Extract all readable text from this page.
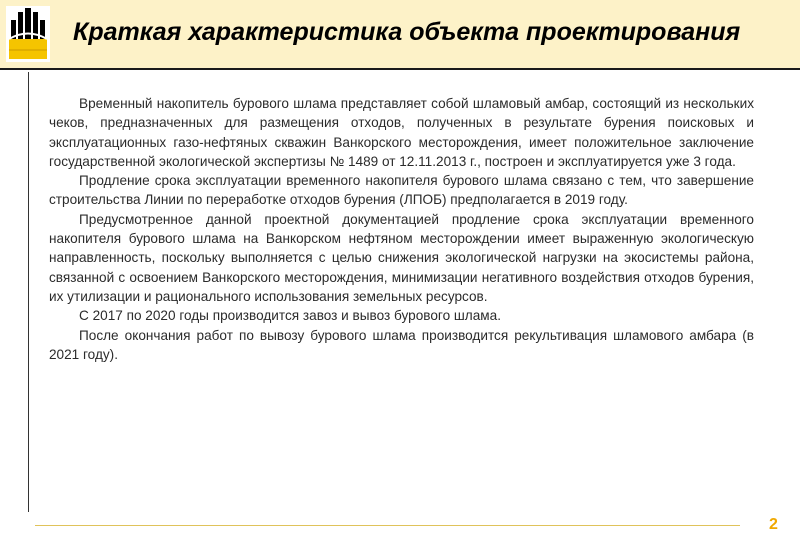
Краткая характеристика объекта проектирования

Временный накопитель бурового шлама представляет собой шламовый амбар, состоящий из нескольких чеков, предназначенных для размещения отходов, полученных в результате бурения поисковых и эксплуатационных газо-нефтяных скважин Ванкорского месторождения, имеет положительное заключение государственной экологической экспертизы № 1489 от 12.11.2013 г., построен и эксплуатируется уже 3 года.

Продление срока эксплуатации временного накопителя бурового шлама связано с тем, что завершение строительства Линии по переработке отходов бурения (ЛПОБ) предполагается в 2019 году.

Предусмотренное данной проектной документацией продление срока эксплуатации временного накопителя бурового шлама на Ванкорском нефтяном месторождении имеет выраженную экологическую направленность, поскольку выполняется с целью снижения экологической нагрузки на экосистемы района, связанной с освоением Ванкорского месторождения, минимизации негативного воздействия отходов бурения, их утилизации и рационального использования земельных ресурсов.

С 2017 по 2020 годы производится завоз и вывоз бурового шлама.

После окончания работ по вывозу бурового шлама производится рекультивация шламового амбара (в 2021 году).

2
